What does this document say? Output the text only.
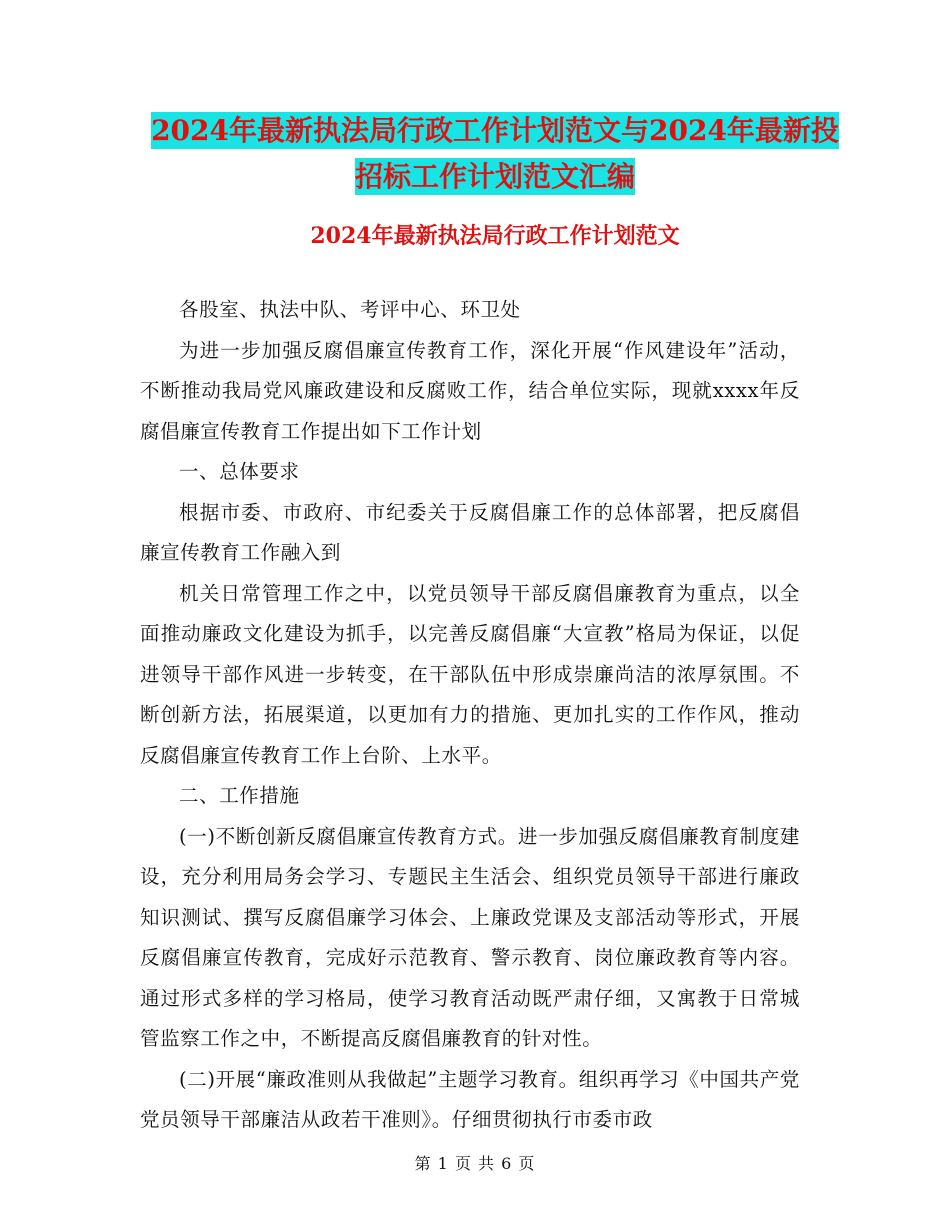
2024年最新执法局行政工作计划范文与2024年最新投
招标工作计划范文汇编
2024年最新执法局行政工作计划范文

各股室、执法中队、考评中心、环卫处

为进一步加强反腐倡廉宣传教育工作，深化开展“作风建设年”活动，不断推动我局党风廉政建设和反腐败工作，结合单位实际，现就xxxx年反腐倡廉宣传教育工作提出如下工作计划

一、总体要求

根据市委、市政府、市纪委关于反腐倡廉工作的总体部署，把反腐倡廉宣传教育工作融入到

机关日常管理工作之中，以党员领导干部反腐倡廉教育为重点，以全面推动廉政文化建设为抓手，以完善反腐倡廉“大宣教”格局为保证，以促进领导干部作风进一步转变，在干部队伍中形成崇廉尚洁的浓厚氛围。不断创新方法，拓展渠道，以更加有力的措施、更加扎实的工作作风，推动反腐倡廉宣传教育工作上台阶、上水平。

二、工作措施

(一)不断创新反腐倡廉宣传教育方式。进一步加强反腐倡廉教育制度建设，充分利用局务会学习、专题民主生活会、组织党员领导干部进行廉政知识测试、撰写反腐倡廉学习体会、上廉政党课及支部活动等形式，开展反腐倡廉宣传教育，完成好示范教育、警示教育、岗位廉政教育等内容。通过形式多样的学习格局，使学习教育活动既严肃仔细，又寓教于日常城管监察工作之中，不断提高反腐倡廉教育的针对性。

(二)开展“廉政准则从我做起”主题学习教育。组织再学习《中国共产党党员领导干部廉洁从政若干准则》。仔细贯彻执行市委市政

第 1 页 共 6 页
